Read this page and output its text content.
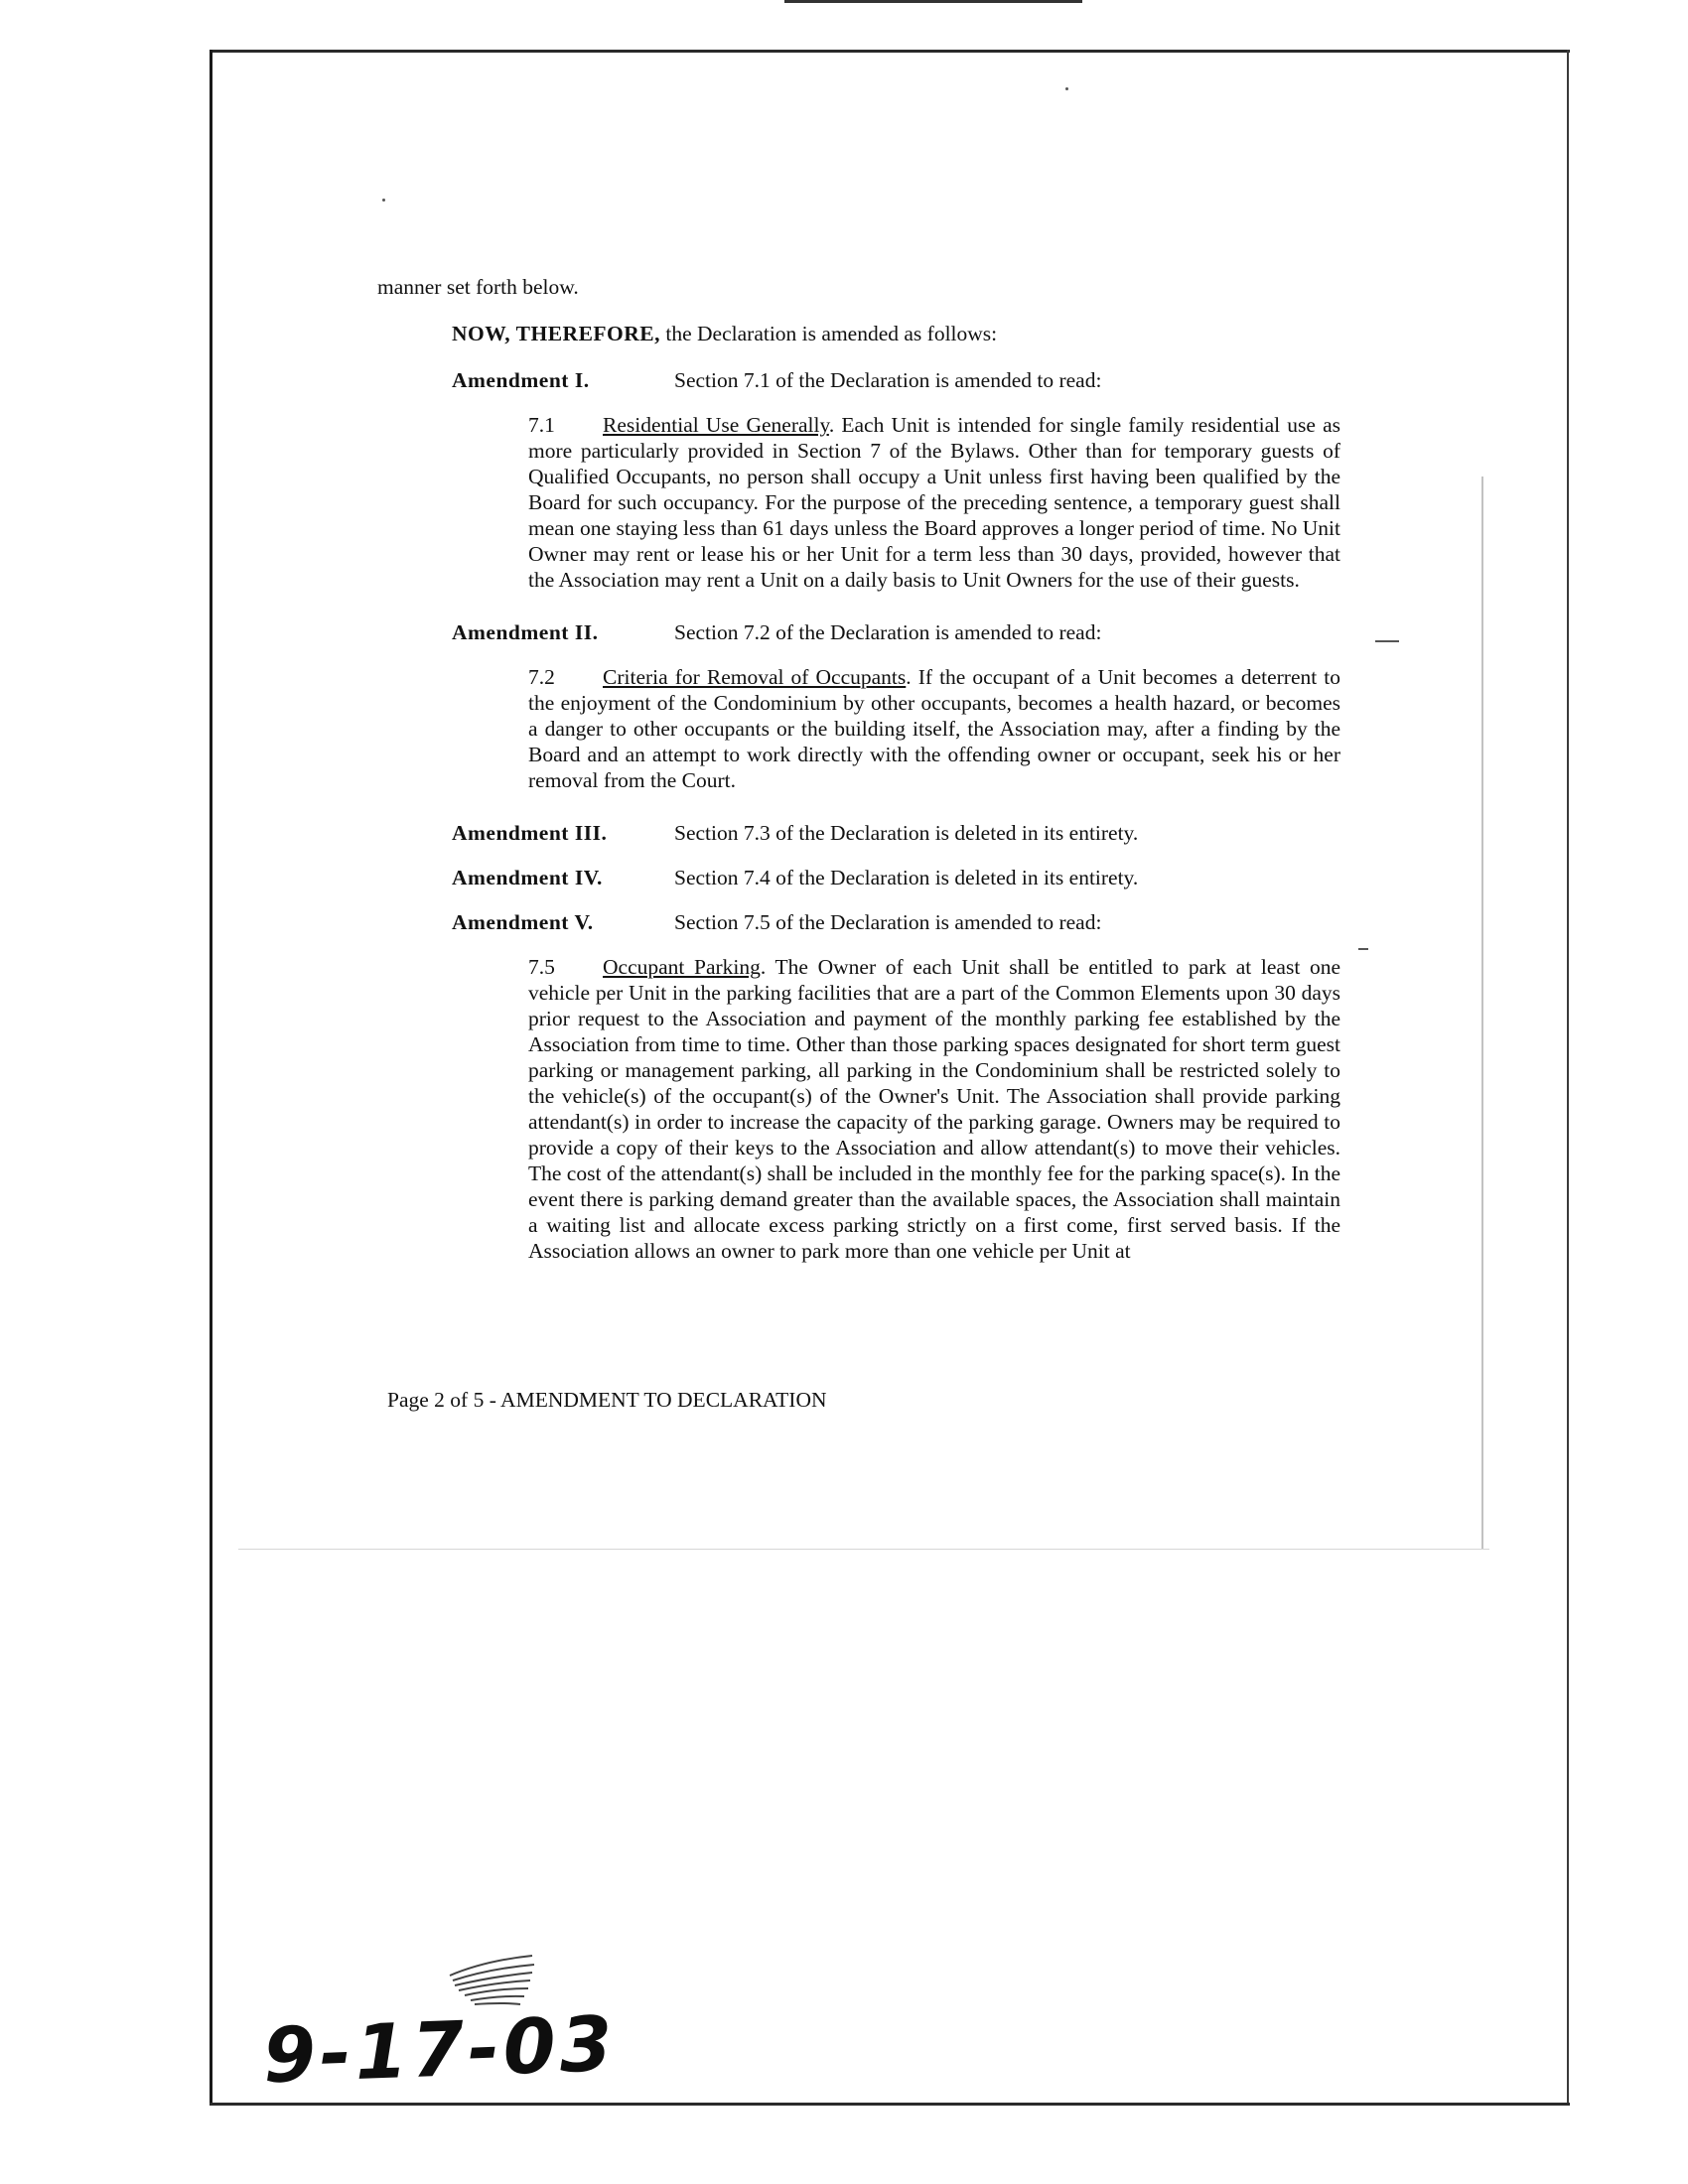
manner set forth below.

NOW, THEREFORE, the Declaration is amended as follows:

Amendment I.	Section 7.1 of the Declaration is amended to read:

7.1 Residential Use Generally. Each Unit is intended for single family residential use as more particularly provided in Section 7 of the Bylaws. Other than for temporary guests of Qualified Occupants, no person shall occupy a Unit unless first having been qualified by the Board for such occupancy. For the purpose of the preceding sentence, a temporary guest shall mean one staying less than 61 days unless the Board approves a longer period of time. No Unit Owner may rent or lease his or her Unit for a term less than 30 days, provided, however that the Association may rent a Unit on a daily basis to Unit Owners for the use of their guests.

Amendment II.	Section 7.2 of the Declaration is amended to read:

7.2 Criteria for Removal of Occupants. If the occupant of a Unit becomes a deterrent to the enjoyment of the Condominium by other occupants, becomes a health hazard, or becomes a danger to other occupants or the building itself, the Association may, after a finding by the Board and an attempt to work directly with the offending owner or occupant, seek his or her removal from the Court.

Amendment III.	Section 7.3 of the Declaration is deleted in its entirety.
Amendment IV.	Section 7.4 of the Declaration is deleted in its entirety.
Amendment V.	Section 7.5 of the Declaration is amended to read:

7.5 Occupant Parking. The Owner of each Unit shall be entitled to park at least one vehicle per Unit in the parking facilities that are a part of the Common Elements upon 30 days prior request to the Association and payment of the monthly parking fee established by the Association from time to time. Other than those parking spaces designated for short term guest parking or management parking, all parking in the Condominium shall be restricted solely to the vehicle(s) of the occupant(s) of the Owner's Unit. The Association shall provide parking attendant(s) in order to increase the capacity of the parking garage. Owners may be required to provide a copy of their keys to the Association and allow attendant(s) to move their vehicles. The cost of the attendant(s) shall be included in the monthly fee for the parking space(s). In the event there is parking demand greater than the available spaces, the Association shall maintain a waiting list and allocate excess parking strictly on a first come, first served basis. If the Association allows an owner to park more than one vehicle per Unit at

Page 2 of 5 - AMENDMENT TO DECLARATION
9-17-03
